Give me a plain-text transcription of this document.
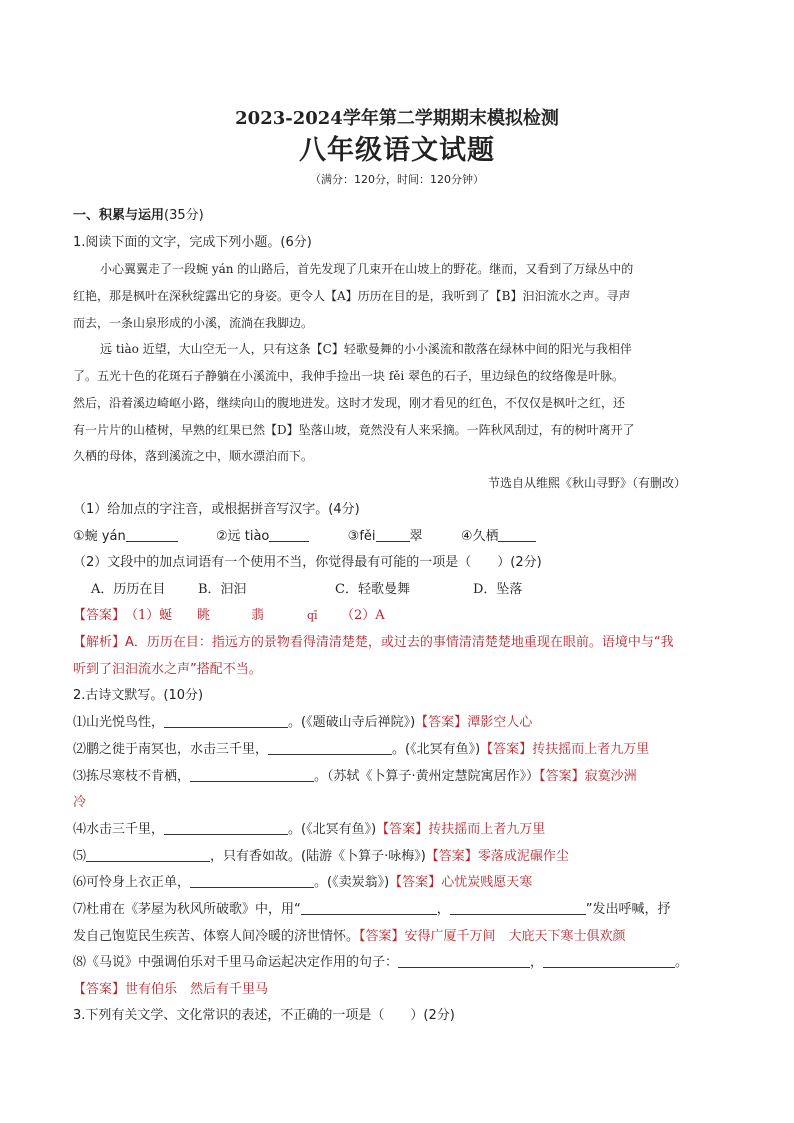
2023-2024学年第二学期期末模拟检测
八年级语文试题
（满分：120分，时间：120分钟）
一、积累与运用(35分)
1.阅读下面的文字，完成下列小题。(6分)
小心翼翼走了一段蜿 yán 的山路后，首先发现了几束开在山坡上的野花。继而，又看到了万绿丛中的
红艳，那是枫叶在深秋绽露出它的身姿。更令人【A】历历在目的是，我听到了【B】汩汩流水之声。寻声
而去，一条山泉形成的小溪，流淌在我脚边。
远 tiào 近望，大山空无一人，只有这条【C】轻歌曼舞的小小溪流和散落在绿林中间的阳光与我相伴
了。五光十色的花斑石子静躺在小溪流中，我伸手捡出一块 fěi 翠色的石子，里边绿色的纹络像是叶脉。
然后，沿着溪边崎岖小路，继续向山的腹地进发。这时才发现，刚才看见的红色，不仅仅是枫叶之红，还
有一片片的山楂树，早熟的红果已然【D】坠落山坡，竟然没有人来采摘。一阵秋风刮过，有的树叶离开了
久栖的母体，落到溪流之中，顺水漂泊而下。
节选自从维熙《秋山寻野》（有删改）
（1）给加点的字注音，或根据拼音写汉字。(4分)
①蜿 yán	②远 tiào	③fěi	翠	④久栖
（2）文段中的加点词语有一个使用不当，你觉得最有可能的一项是（　　）(2分)
A．历历在目	B．汩汩	C．轻歌曼舞	D．坠落
【答案】（1）蜒 眺	翡	qī （2）A
【解析】A．历历在目：指远方的景物看得清清楚楚，或过去的事情清清楚楚地重现在眼前。语境中与“我
听到了汩汩流水之声”搭配不当。
2.古诗文默写。(10分)
⑴山光悦鸟性，	。(《题破山寺后禅院》)【答案】潭影空人心
⑵鹏之徙于南冥也，水击三千里，	。(《北冥有鱼》)【答案】抟扶摇而上者九万里
⑶拣尽寒枝不肯栖，	。（苏轼《卜算子·黄州定慧院寓居作》）【答案】寂寞沙洲
冷
⑷水击三千里，	。(《北冥有鱼》)【答案】抟扶摇而上者九万里
⑸	，只有香如故。(陆游《卜算子·咏梅》)【答案】零落成泥碾作尘
⑹可怜身上衣正单，	。(《卖炭翁》)【答案】心忧炭贱愿天寒
⑺杜甫在《茅屋为秋风所破歌》中，用“	，	”发出呼喊，抒
发自己饱览民生疾苦、体察人间冷暖的济世情怀。【答案】安得广厦千万间　大庇天下寒士俱欢颜
⑻《马说》中强调伯乐对千里马命运起决定作用的句子：	，	。
【答案】世有伯乐　然后有千里马
3.下列有关文学、文化常识的表述，不正确的一项是（　　）(2分)
